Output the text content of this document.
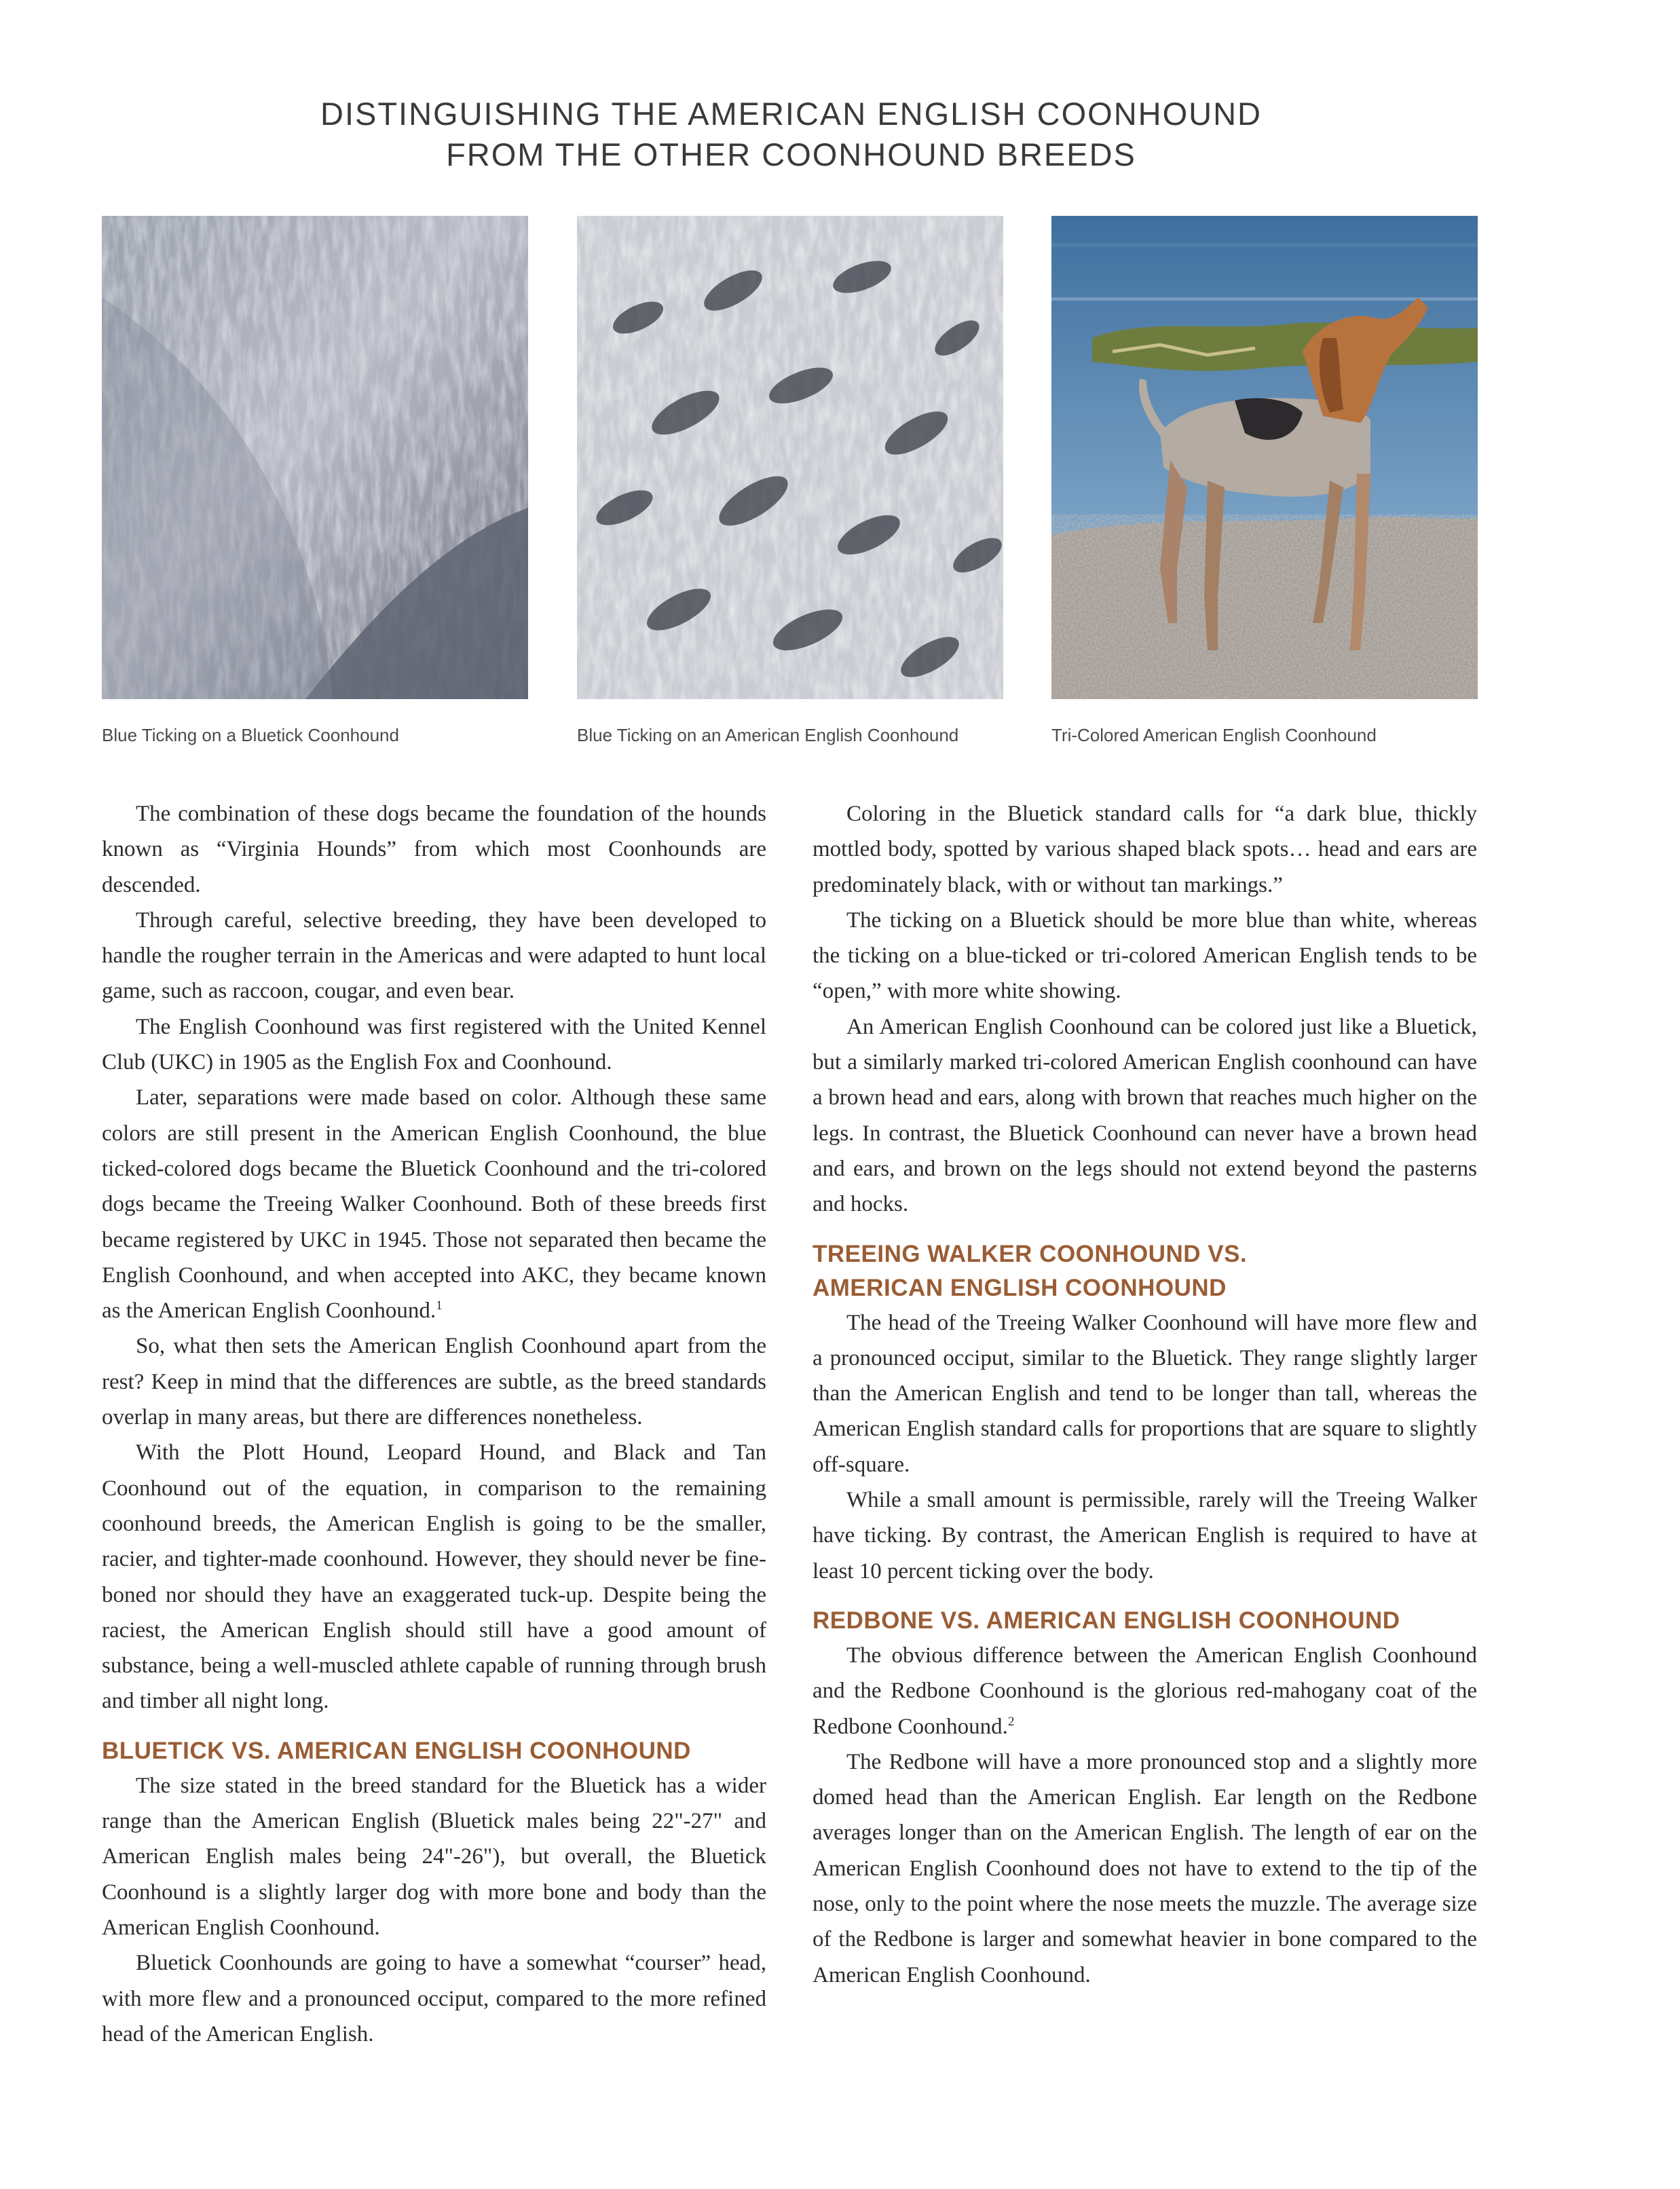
DISTINGUISHING THE AMERICAN ENGLISH COONHOUND
FROM THE OTHER COONHOUND BREEDS
Blue Ticking on a Bluetick Coonhound	Blue Ticking on an American English Coonhound	Tri-Colored American English Coonhound

The combination of these dogs became the foundation of the hounds known as “Virginia Hounds” from which most Coonhounds are descended.

Through careful, selective breeding, they have been developed to handle the rougher terrain in the Americas and were adapted to hunt local game, such as raccoon, cougar, and even bear.

The English Coonhound was first registered with the United Kennel Club (UKC) in 1905 as the English Fox and Coonhound.

Later, separations were made based on color. Although these same colors are still present in the American English Coonhound, the blue ticked-colored dogs became the Bluetick Coonhound and the tri-colored dogs became the Treeing Walker Coonhound. Both of these breeds first became registered by UKC in 1945. Those not separated then became the English Coonhound, and when accepted into AKC, they became known as the American English Coonhound.$^1$

So, what then sets the American English Coonhound apart from the rest? Keep in mind that the differences are subtle, as the breed standards overlap in many areas, but there are differences nonetheless.

With the Plott Hound, Leopard Hound, and Black and Tan Coonhound out of the equation, in comparison to the remaining coonhound breeds, the American English is going to be the smaller, racier, and tighter-made coonhound. However, they should never be fine-boned nor should they have an exaggerated tuck-up. Despite being the raciest, the American English should still have a good amount of substance, being a well-muscled athlete capable of running through brush and timber all night long.

BLUETICK VS. AMERICAN ENGLISH COONHOUND

The size stated in the breed standard for the Bluetick has a wider range than the American English (Bluetick males being 22"-27" and American English males being 24"-26"), but overall, the Bluetick Coonhound is a slightly larger dog with more bone and body than the American English Coonhound.

Bluetick Coonhounds are going to have a somewhat “courser” head, with more flew and a pronounced occiput, compared to the more refined head of the American English.

Coloring in the Bluetick standard calls for “a dark blue, thickly mottled body, spotted by various shaped black spots… head and ears are predominately black, with or without tan markings.”

The ticking on a Bluetick should be more blue than white, whereas the ticking on a blue-ticked or tri-colored American English tends to be “open,” with more white showing.

An American English Coonhound can be colored just like a Bluetick, but a similarly marked tri-colored American English coonhound can have a brown head and ears, along with brown that reaches much higher on the legs. In contrast, the Bluetick Coonhound can never have a brown head and ears, and brown on the legs should not extend beyond the pasterns and hocks.

TREEING WALKER COONHOUND VS.
AMERICAN ENGLISH COONHOUND

The head of the Treeing Walker Coonhound will have more flew and a pronounced occiput, similar to the Bluetick. They range slightly larger than the American English and tend to be longer than tall, whereas the American English standard calls for proportions that are square to slightly off-square.

While a small amount is permissible, rarely will the Treeing Walker have ticking. By contrast, the American English is required to have at least 10 percent ticking over the body.

REDBONE VS. AMERICAN ENGLISH COONHOUND

The obvious difference between the American English Coonhound and the Redbone Coonhound is the glorious red-mahogany coat of the Redbone Coonhound.$^2$

The Redbone will have a more pronounced stop and a slightly more domed head than the American English. Ear length on the Redbone averages longer than on the American English. The length of ear on the American English Coonhound does not have to extend to the tip of the nose, only to the point where the nose meets the muzzle. The average size of the Redbone is larger and somewhat heavier in bone compared to the American English Coonhound.
